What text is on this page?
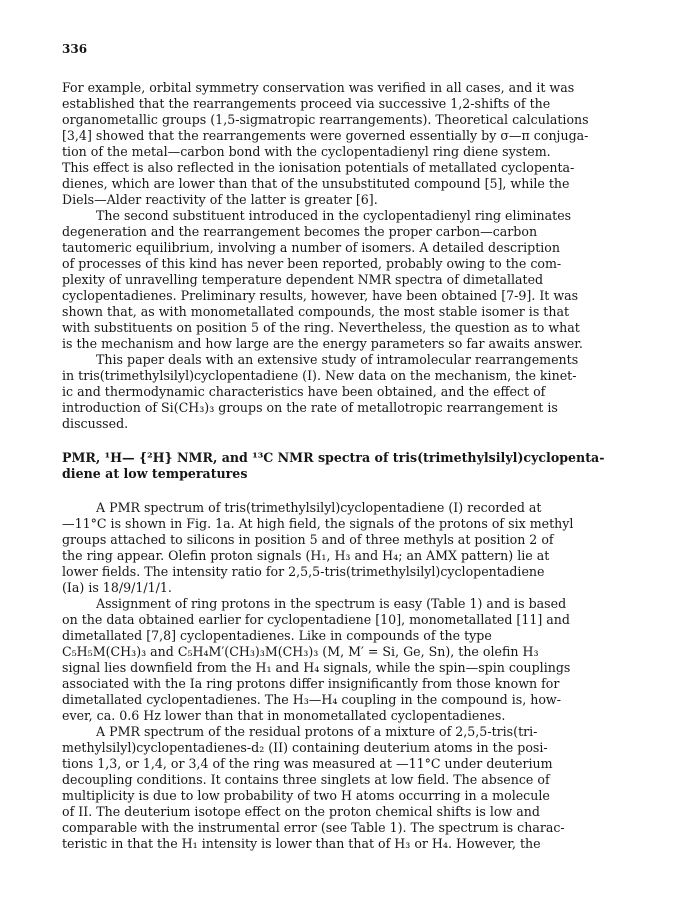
336
For example, orbital symmetry conservation was verified in all cases, and it was
established that the rearrangements proceed via successive 1,2-shifts of the
organometallic groups (1,5-sigmatropic rearrangements). Theoretical calculations
[3,4] showed that the rearrangements were governed essentially by σ—π conjuga-
tion of the metal—carbon bond with the cyclopentadienyl ring diene system.
This effect is also reflected in the ionisation potentials of metallated cyclopenta-
dienes, which are lower than that of the unsubstituted compound [5], while the
Diels—Alder reactivity of the latter is greater [6].
The second substituent introduced in the cyclopentadienyl ring eliminates
degeneration and the rearrangement becomes the proper carbon—carbon
tautomeric equilibrium, involving a number of isomers. A detailed description
of processes of this kind has never been reported, probably owing to the com-
plexity of unravelling temperature dependent NMR spectra of dimetallated
cyclopentadienes. Preliminary results, however, have been obtained [7-9]. It was
shown that, as with monometallated compounds, the most stable isomer is that
with substituents on position 5 of the ring. Nevertheless, the question as to what
is the mechanism and how large are the energy parameters so far awaits answer.
This paper deals with an extensive study of intramolecular rearrangements
in tris(trimethylsilyl)cyclopentadiene (I). New data on the mechanism, the kinet-
ic and thermodynamic characteristics have been obtained, and the effect of
introduction of Si(CH₃)₃ groups on the rate of metallotropic rearrangement is
discussed.
PMR, ¹H— {²H} NMR, and ¹³C NMR spectra of tris(trimethylsilyl)cyclopenta-
diene at low temperatures
A PMR spectrum of tris(trimethylsilyl)cyclopentadiene (I) recorded at
—11°C is shown in Fig. 1a. At high field, the signals of the protons of six methyl
groups attached to silicons in position 5 and of three methyls at position 2 of
the ring appear. Olefin proton signals (H₁, H₃ and H₄; an AMX pattern) lie at
lower fields. The intensity ratio for 2,5,5-tris(trimethylsilyl)cyclopentadiene
(Ia) is 18/9/1/1/1.
Assignment of ring protons in the spectrum is easy (Table 1) and is based
on the data obtained earlier for cyclopentadiene [10], monometallated [11] and
dimetallated [7,8] cyclopentadienes. Like in compounds of the type
C₅H₅M(CH₃)₃ and C₅H₄M′(CH₃)₃M(CH₃)₃ (M, M′ = Si, Ge, Sn), the olefin H₃
signal lies downfield from the H₁ and H₄ signals, while the spin—spin couplings
associated with the Ia ring protons differ insignificantly from those known for
dimetallated cyclopentadienes. The H₃—H₄ coupling in the compound is, how-
ever, ca. 0.6 Hz lower than that in monometallated cyclopentadienes.
A PMR spectrum of the residual protons of a mixture of 2,5,5-tris(tri-
methylsilyl)cyclopentadienes-d₂ (II) containing deuterium atoms in the posi-
tions 1,3, or 1,4, or 3,4 of the ring was measured at —11°C under deuterium
decoupling conditions. It contains three singlets at low field. The absence of
multiplicity is due to low probability of two H atoms occurring in a molecule
of II. The deuterium isotope effect on the proton chemical shifts is low and
comparable with the instrumental error (see Table 1). The spectrum is charac-
teristic in that the H₁ intensity is lower than that of H₃ or H₄. However, the
